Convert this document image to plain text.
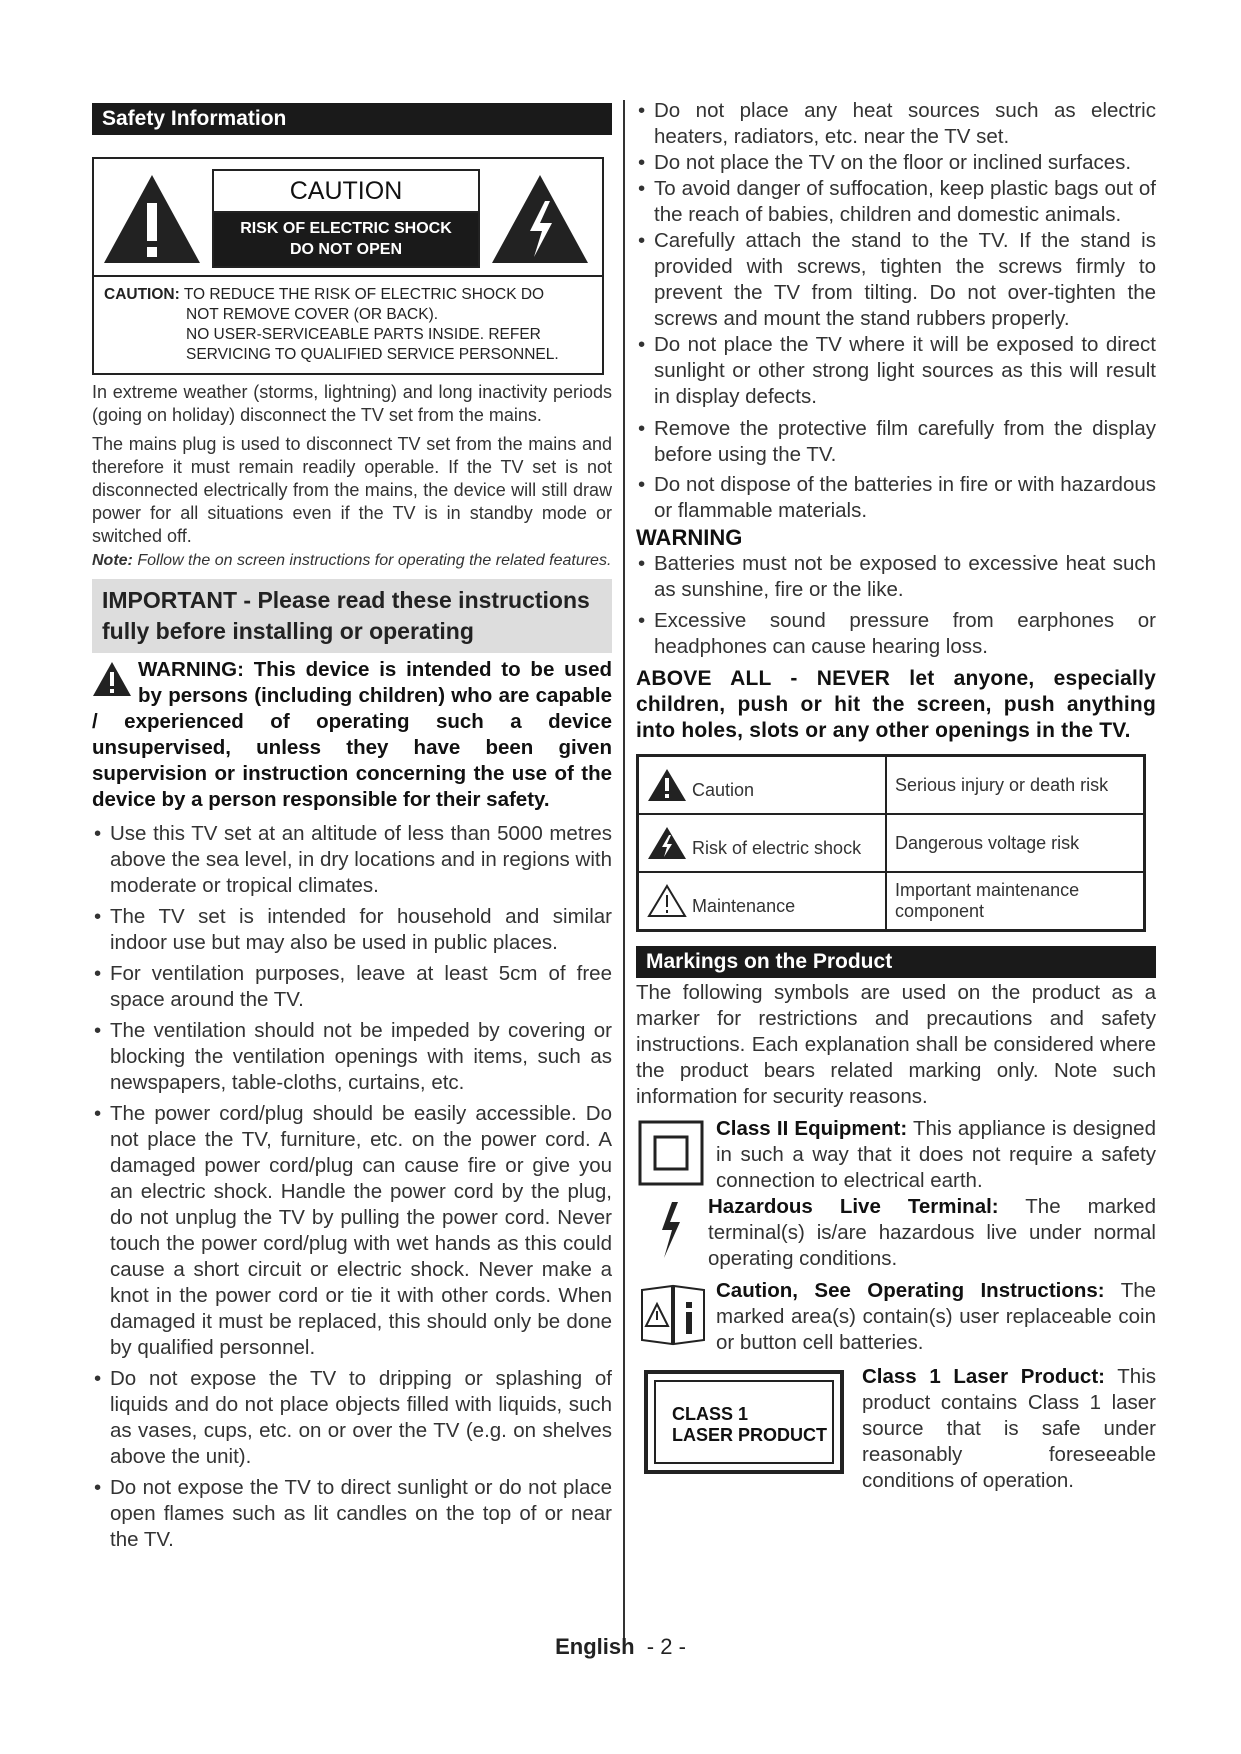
Safety Information
CAUTION
RISK OF ELECTRIC SHOCK
DO NOT OPEN
CAUTION: TO REDUCE THE RISK OF ELECTRIC SHOCK DO
NOT REMOVE COVER (OR BACK).
NO USER-SERVICEABLE PARTS INSIDE. REFER
SERVICING TO QUALIFIED SERVICE PERSONNEL.

In extreme weather (storms, lightning) and long inactivity periods (going on holiday) disconnect the TV set from the mains.

The mains plug is used to disconnect TV set from the mains and therefore it must remain readily operable. If the TV set is not disconnected electrically from the mains, the device will still draw power for all situations even if the TV is in standby mode or switched off.

Note: Follow the on screen instructions for operating the related features.

IMPORTANT - Please read these instructions fully before installing or operating
WARNING: This device is intended to be used by persons (including children) who are capable / experienced of operating such a device unsupervised, unless they have been given supervision or instruction concerning the use of the device by a person responsible for their safety.
• Use this TV set at an altitude of less than 5000 metres above the sea level, in dry locations and in regions with moderate or tropical climates.
• The TV set is intended for household and similar indoor use but may also be used in public places.
• For ventilation purposes, leave at least 5cm of free space around the TV.
• The ventilation should not be impeded by covering or blocking the ventilation openings with items, such as newspapers, table-cloths, curtains, etc.
• The power cord/plug should be easily accessible. Do not place the TV, furniture, etc. on the power cord. A damaged power cord/plug can cause fire or give you an electric shock. Handle the power cord by the plug, do not unplug the TV by pulling the power cord. Never touch the power cord/plug with wet hands as this could cause a short circuit or electric shock. Never make a knot in the power cord or tie it with other cords. When damaged it must be replaced, this should only be done by qualified personnel.
• Do not expose the TV to dripping or splashing of liquids and do not place objects filled with liquids, such as vases, cups, etc. on or over the TV (e.g. on shelves above the unit).
• Do not expose the TV to direct sunlight or do not place open flames such as lit candles on the top of or near the TV.
• Do not place any heat sources such as electric heaters, radiators, etc. near the TV set.
• Do not place the TV on the floor or inclined surfaces.
• To avoid danger of suffocation, keep plastic bags out of the reach of babies, children and domestic animals.
• Carefully attach the stand to the TV. If the stand is provided with screws, tighten the screws firmly to prevent the TV from tilting. Do not over-tighten the screws and mount the stand rubbers properly.
• Do not place the TV where it will be exposed to direct sunlight or other strong light sources as this will result in display defects.
• Remove the protective film carefully from the display before using the TV.
• Do not dispose of the batteries in fire or with hazardous or flammable materials.
WARNING
• Batteries must not be exposed to excessive heat such as sunshine, fire or the like.
• Excessive sound pressure from earphones or headphones can cause hearing loss.
ABOVE ALL - NEVER let anyone, especially children, push or hit the screen, push anything into holes, slots or any other openings in the TV.
Caution	Serious injury or death risk
Risk of electric shock	Dangerous voltage risk
Maintenance	Important maintenance component
Markings on the Product

The following symbols are used on the product as a marker for restrictions and precautions and safety instructions. Each explanation shall be considered where the product bears related marking only. Note such information for security reasons.

Class II Equipment: This appliance is designed in such a way that it does not require a safety connection to electrical earth.

Hazardous Live Terminal: The marked terminal(s) is/are hazardous live under normal operating conditions.

Caution, See Operating Instructions: The marked area(s) contain(s) user replaceable coin or button cell batteries.

CLASS 1
LASER PRODUCT

Class 1 Laser Product: This product contains Class 1 laser source that is safe under reasonably foreseeable conditions of operation.

English - 2 -
